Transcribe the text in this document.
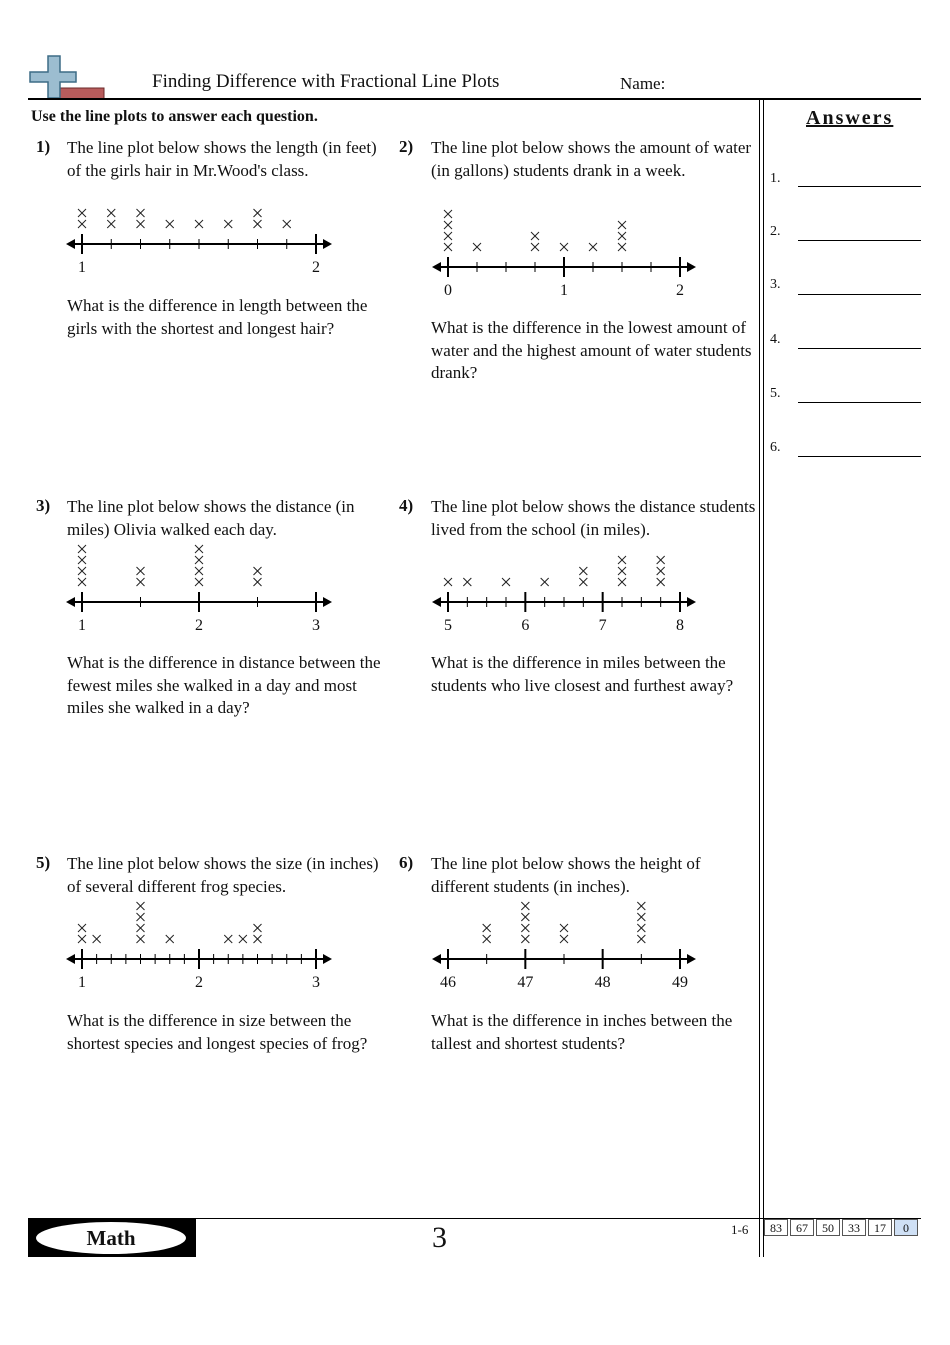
Finding Difference with Fractional Line Plots	Name:
Use the line plots to answer each question.	Answers
1.
2.
3.
4.
5.
6.
1) The line plot below shows the length (in feet) of the girls hair in Mr.Wood's class.
1	2
What is the difference in length between the girls with the shortest and longest hair?
2) The line plot below shows the amount of water (in gallons) students drank in a week.
0	1	2
What is the difference in the lowest amount of water and the highest amount of water students drank?
3) The line plot below shows the distance (in miles) Olivia walked each day.
1	2	3
What is the difference in distance between the fewest miles she walked in a day and most miles she walked in a day?
4) The line plot below shows the distance students lived from the school (in miles).
5	6	7	8
What is the difference in miles between the students who live closest and furthest away?
5) The line plot below shows the size (in inches) of several different frog species.
1	2	3
What is the difference in size between the shortest species and longest species of frog?
6) The line plot below shows the height of different students (in inches).
46	47	48	49
What is the difference in inches between the tallest and shortest students?
Math	3	1-6	83	67	50	33	17	0
